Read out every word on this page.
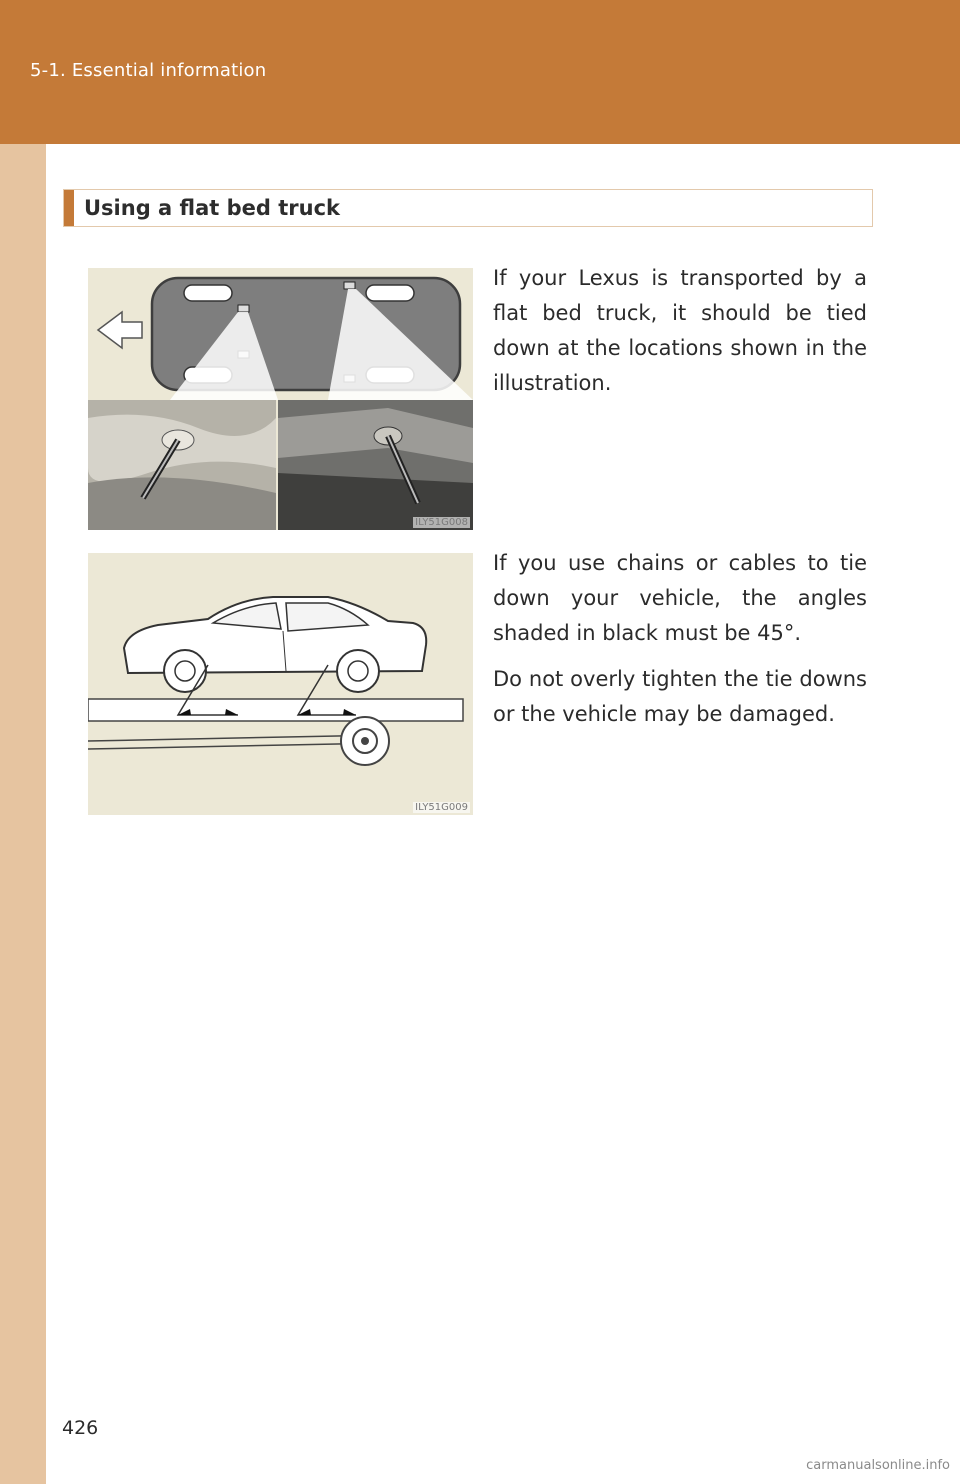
5-1. Essential information
Using a flat bed truck
ILY51G008
ILY51G009

If your Lexus is transported by a flat bed truck, it should be tied down at the locations shown in the illustration.

If you use chains or cables to tie down your vehicle, the angles shaded in black must be 45°.

Do not overly tighten the tie downs or the vehicle may be damaged.

426
carmanualsonline.info
